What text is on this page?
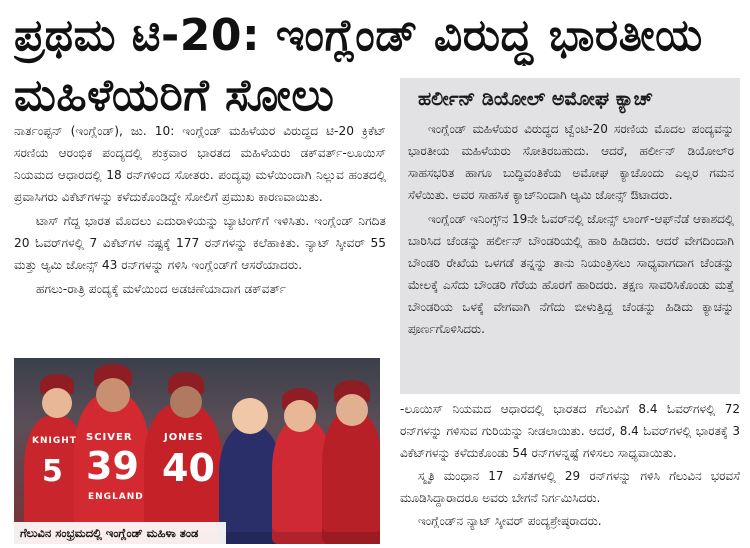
ಪ್ರಥಮ ಟಿ-20: ಇಂಗ್ಲೆಂಡ್ ವಿರುದ್ಧ ಭಾರತೀಯ
ಮಹಿಳೆಯರಿಗೆ ಸೋಲು

ನಾರ್ತಂಪ್ಟನ್ (ಇಂಗ್ಲೆಂಡ್), ಜು. 10: ಇಂಗ್ಲೆಂಡ್ ಮಹಿಳೆಯರ ವಿರುದ್ಧದ ಟಿ-20 ಕ್ರಿಕೆಟ್ ಸರಣಿಯ ಆರಂಭಿಕ ಪಂದ್ಯದಲ್ಲಿ ಶುಕ್ರವಾರ ಭಾರತದ ಮಹಿಳೆಯರು ಡಕ್‌ವರ್ತ್-ಲೂಯಿಸ್ ನಿಯಮದ ಆಧಾರದಲ್ಲಿ 18 ರನ್‌ಗಳಿಂದ ಸೋತರು. ಪಂದ್ಯವು ಮಳೆಯಿಂದಾಗಿ ನಿಲ್ಲುವ ಹಂತದಲ್ಲಿ ಪ್ರವಾಸಿಗರು ವಿಕೆಟ್‌ಗಳನ್ನು ಕಳೆದುಕೊಂಡಿದ್ದೇ ಸೋಲಿಗೆ ಪ್ರಮುಖ ಕಾರಣವಾಯಿತು.

ಟಾಸ್ ಗೆದ್ದ ಭಾರತ ಮೊದಲು ಎದುರಾಳಿಯನ್ನು ಬ್ಯಾಟಿಂಗ್‌ಗೆ ಇಳಿಸಿತು. ಇಂಗ್ಲೆಂಡ್ ನಿಗದಿತ 20 ಓವರ್‌ಗಳಲ್ಲಿ 7 ವಿಕೆಟ್‌ಗಳ ನಷ್ಟಕ್ಕೆ 177 ರನ್‌ಗಳನ್ನು ಕಲೆಹಾಕಿತು. ನ್ಯಾಟ್ ಸ್ಕೀವರ್ 55 ಮತ್ತು ಆ್ಯಮಿ ಜೋನ್ಸ್ 43 ರನ್‌ಗಳನ್ನು ಗಳಿಸಿ ಇಂಗ್ಲೆಂಡ್‌ಗೆ ಆಸರೆಯಾದರು.

ಹಗಲು-ರಾತ್ರಿ ಪಂದ್ಯಕ್ಕೆ ಮಳೆಯಿಂದ ಅಡಚಣೆಯಾದಾಗ ಡಕ್‌ವರ್ತ್

KNIGHT
5
SCIVER
39
JONES
40
ENGLAND
ಗೆಲುವಿನ ಸಂಭ್ರಮದಲ್ಲಿ ಇಂಗ್ಲೆಂಡ್ ಮಹಿಳಾ ತಂಡ
ಹರ್ಲೀನ್ ಡಿಯೋಲ್ ಅಮೋಘ ಕ್ಯಾಚ್

ಇಂಗ್ಲೆಂಡ್ ಮಹಿಳೆಯರ ವಿರುದ್ಧದ ಟ್ವೆಂಟಿ-20 ಸರಣಿಯ ಮೊದಲ ಪಂದ್ಯವನ್ನು ಭಾರತೀಯ ಮಹಿಳೆಯರು ಸೋತಿರಬಹುದು. ಆದರೆ, ಹರ್ಲೀನ್ ಡಿಯೋಲ್‌ರ ಸಾಹಸಭರಿತ ಹಾಗೂ ಬುದ್ಧಿವಂತಿಕೆಯ ಅಮೋಘ ಕ್ಯಾಚೊಂದು ಎಲ್ಲರ ಗಮನ ಸೆಳೆಯಿತು. ಅವರ ಸಾಹಸಿಕ ಕ್ಯಾಚ್‌ನಿಂದಾಗಿ ಆ್ಯಮಿ ಜೋನ್ಸ್ ಔಟಾದರು.

ಇಂಗ್ಲೆಂಡ್ ಇನಿಂಗ್ಸ್‌ನ 19ನೇ ಓವರ್‌ನಲ್ಲಿ ಜೋನ್ಸ್ ಲಾಂಗ್-ಆಫ್‌ನೆಡೆ ಆಕಾಶದಲ್ಲಿ ಬಾರಿಸಿದ ಚೆಂಡನ್ನು ಹರ್ಲೀನ್ ಬೌಂಡರಿಯಲ್ಲಿ ಹಾರಿ ಹಿಡಿದರು. ಆದರೆ ವೇಗದಿಂದಾಗಿ ಬೌಂಡರಿ ರೇಖೆಯ ಒಳಗಡೆ ತನ್ನನ್ನು ತಾನು ನಿಯಂತ್ರಿಸಲು ಸಾಧ್ಯವಾಗದಾಗ ಚೆಂಡನ್ನು ಮೇಲಕ್ಕೆ ಎಸೆದು ಬೌಂಡರಿ ಗೆರೆಯ ಹೊರಗೆ ಹಾರಿದರು. ತಕ್ಷಣ ಸಾವರಿಸಿಕೊಂಡು ಮತ್ತೆ ಬೌಂಡರಿಯ ಒಳಕ್ಕೆ ವೇಗವಾಗಿ ನೆಗೆದು ಬೀಳುತ್ತಿದ್ದ ಚೆಂಡನ್ನು ಹಿಡಿದು ಕ್ಯಾಚನ್ನು ಪೂರ್ಣಗೊಳಿಸಿದರು.

-ಲೂಯಿಸ್ ನಿಯಮದ ಆಧಾರದಲ್ಲಿ ಭಾರತದ ಗೆಲುವಿಗೆ 8.4 ಓವರ್‌ಗಳಲ್ಲಿ 72 ರನ್‌ಗಳನ್ನು ಗಳಿಸುವ ಗುರಿಯನ್ನು ನೀಡಲಾಯಿತು. ಆದರೆ, 8.4 ಓವರ್‌ಗಳಲ್ಲಿ ಭಾರತಕ್ಕೆ 3 ವಿಕೆಟ್‌ಗಳನ್ನು ಕಳೆದುಕೊಂಡು 54 ರನ್‌ಗಳನ್ನಷ್ಟೆ ಗಳಿಸಲು ಸಾಧ್ಯವಾಯಿತು.

ಸ್ಮೃತಿ ಮಂಧಾನ 17 ಎಸೆತಗಳಲ್ಲಿ 29 ರನ್‌ಗಳನ್ನು ಗಳಿಸಿ ಗೆಲುವಿನ ಭರವಸೆ ಮೂಡಿಸಿದ್ದಾರಾದರೂ ಅವರು ಬೇಗನೆ ನಿರ್ಗಮಿಸಿದರು.

ಇಂಗ್ಲೆಂಡ್‌ನ ನ್ಯಾಟ್ ಸ್ಕೀವರ್ ಪಂದ್ಯಶ್ರೇಷ್ಠರಾದರು.
